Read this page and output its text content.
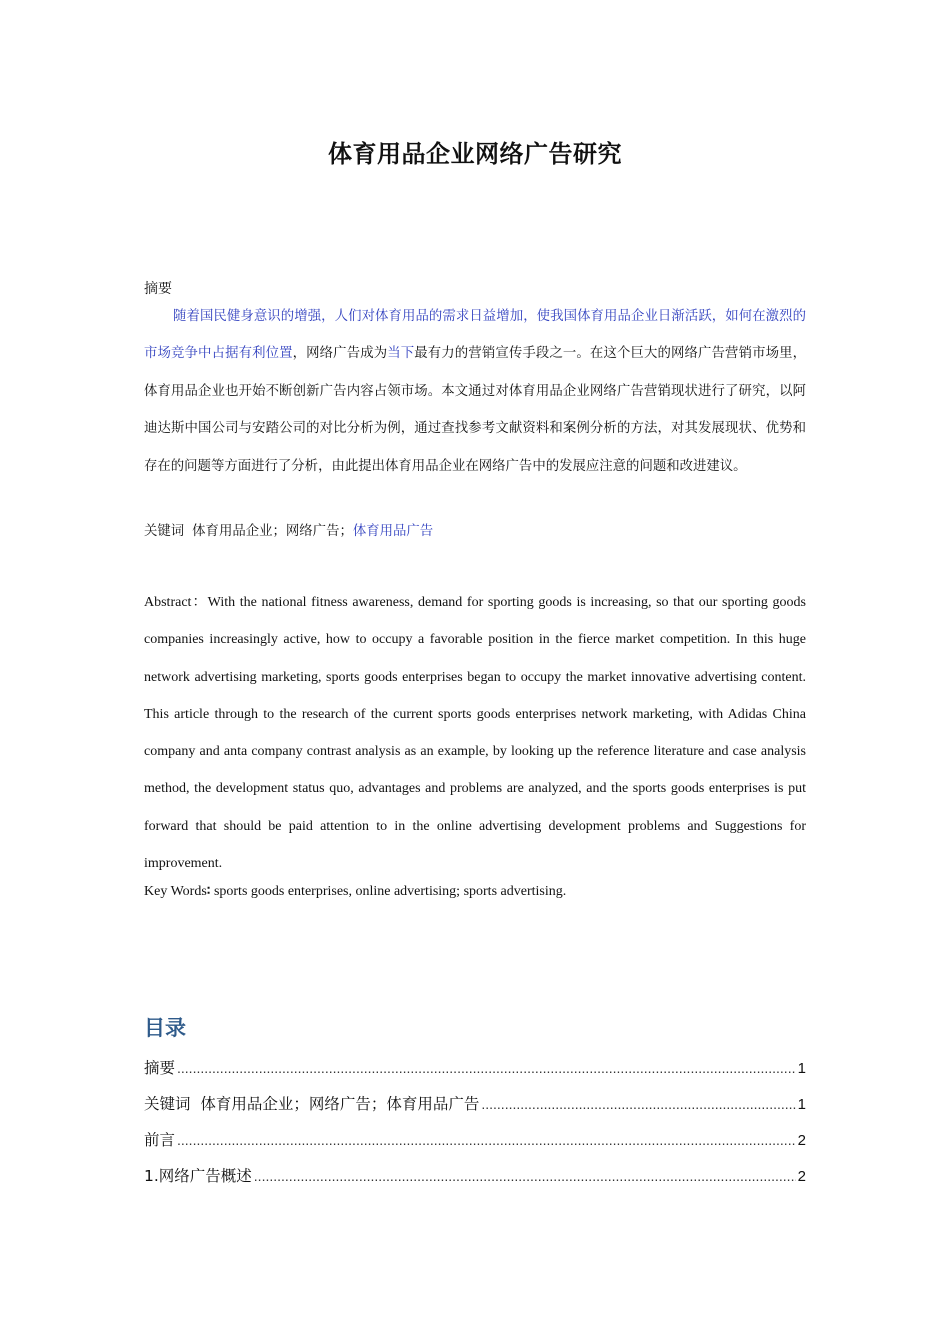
体育用品企业网络广告研究
摘要
随着国民健身意识的增强，人们对体育用品的需求日益增加，使我国体育用品企业日渐活跃，如何在激烈的市场竞争中占据有利位置，网络广告成为当下最有力的营销宣传手段之一。在这个巨大的网络广告营销市场里，体育用品企业也开始不断创新广告内容占领市场。本文通过对体育用品企业网络广告营销现状进行了研究，以阿迪达斯中国公司与安踏公司的对比分析为例，通过查找参考文献资料和案例分析的方法，对其发展现状、优势和存在的问题等方面进行了分析，由此提出体育用品企业在网络广告中的发展应注意的问题和改进建议。
关键词 体育用品企业；网络广告；体育用品广告
Abstract：With the national fitness awareness, demand for sporting goods is increasing, so that our sporting goods companies increasingly active, how to occupy a favorable position in the fierce market competition. In this huge network advertising marketing, sports goods enterprises began to occupy the market innovative advertising content. This article through to the research of the current sports goods enterprises network marketing, with Adidas China company and anta company contrast analysis as an example, by looking up the reference literature and case analysis method, the development status quo, advantages and problems are analyzed, and the sports goods enterprises is put forward that should be paid attention to in the online advertising development problems and Suggestions for improvement.
Key Words∶ sports goods enterprises, online advertising; sports advertising.
目录
摘要 .....	1
关键词  体育用品企业；网络广告；体育用品广告 .....	1
前言 .....	2
1.网络广告概述 .....	2
